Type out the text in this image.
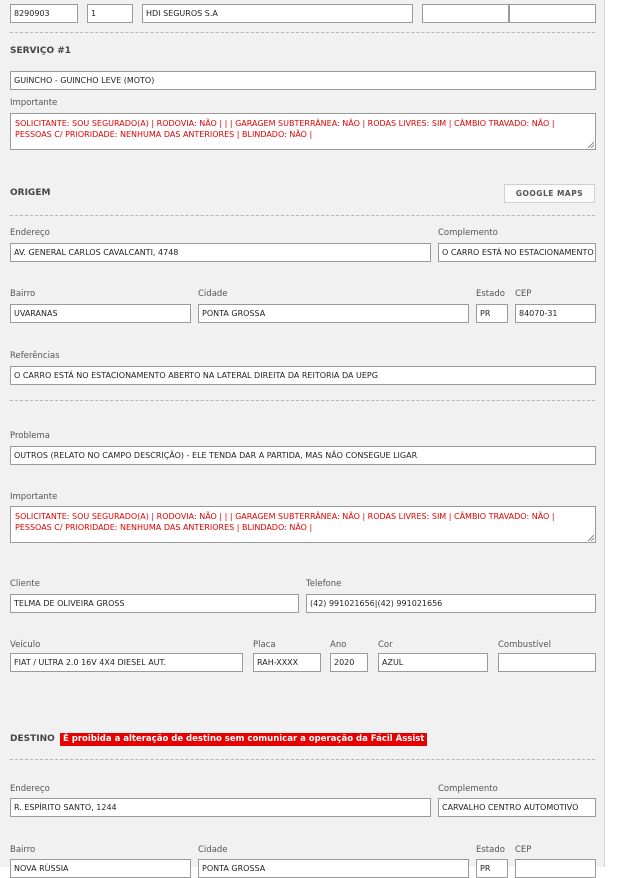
8290903	1	HDI SEGUROS S.A
SERVIÇO #1
GUINCHO - GUINCHO LEVE (MOTO)
Importante
SOLICITANTE: SOU SEGURADO(A) | RODOVIA: NÃO | | | GARAGEM SUBTERRÂNEA: NÃO | RODAS LIVRES: SIM | CÂMBIO TRAVADO: NÃO | PESSOAS C/ PRIORIDADE: NENHUMA DAS ANTERIORES | BLINDADO: NÃO |
ORIGEM	GOOGLE MAPS
Endereço
AV. GENERAL CARLOS CAVALCANTI, 4748
Complemento
O CARRO ESTÁ NO ESTACIONAMENTO
Bairro
UVARANAS
Cidade
PONTA GROSSA
Estado
PR
CEP
84070-31
Referências
O CARRO ESTÁ NO ESTACIONAMENTO ABERTO NA LATERAL DIREITA DA REITORIA DA UEPG
Problema
OUTROS (RELATO NO CAMPO DESCRIÇÃO) - ELE TENDA DAR A PARTIDA, MAS NÃO CONSEGUE LIGAR
Importante
SOLICITANTE: SOU SEGURADO(A) | RODOVIA: NÃO | | | GARAGEM SUBTERRÂNEA: NÃO | RODAS LIVRES: SIM | CÂMBIO TRAVADO: NÃO | PESSOAS C/ PRIORIDADE: NENHUMA DAS ANTERIORES | BLINDADO: NÃO |
Cliente
TELMA DE OLIVEIRA GROSS
Telefone
(42) 991021656|(42) 991021656
Veículo
FIAT / ULTRA 2.0 16V 4X4 DIESEL AUT.
Placa
RAH-XXXX
Ano
2020
Cor
AZUL
Combustível
DESTINO É proibida a alteração de destino sem comunicar a operação da Fácil Assist
Endereço
R. ESPÍRITO SANTO, 1244
Complemento
CARVALHO CENTRO AUTOMOTIVO
Bairro
NOVA RÚSSIA
Cidade
PONTA GROSSA
Estado
PR
CEP
